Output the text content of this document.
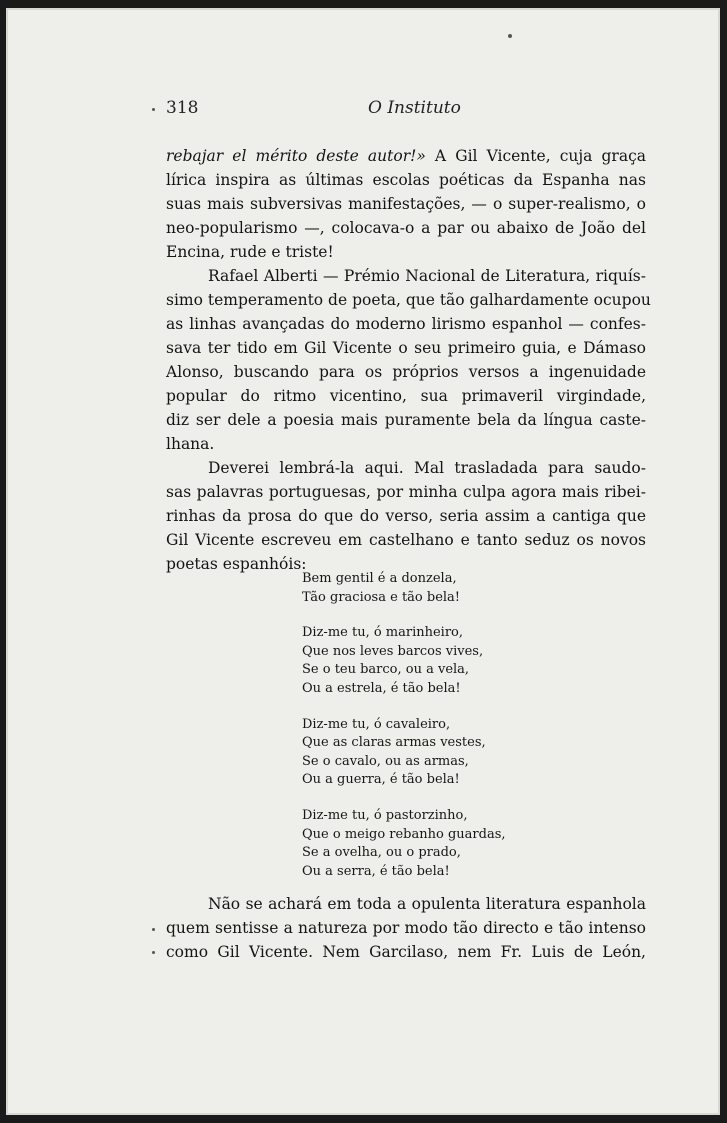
318	O Instituto
rebajar el mérito deste autor!» A Gil Vicente, cuja graça
lírica inspira as últimas escolas poéticas da Espanha nas
suas mais subversivas manifestações, — o super-realismo, o
neo-popularismo —, colocava-o a par ou abaixo de João del
Encina, rude e triste!
Rafael Alberti — Prémio Nacional de Literatura, riquís-
simo temperamento de poeta, que tão galhardamente ocupou
as linhas avançadas do moderno lirismo espanhol — confes-
sava ter tido em Gil Vicente o seu primeiro guia, e Dámaso
Alonso, buscando para os próprios versos a ingenuidade
popular do ritmo vicentino, sua primaveril virgindade,
diz ser dele a poesia mais puramente bela da língua caste-
lhana.
Deverei lembrá-la aqui. Mal trasladada para saudo-
sas palavras portuguesas, por minha culpa agora mais ribei-
rinhas da prosa do que do verso, seria assim a cantiga que
Gil Vicente escreveu em castelhano e tanto seduz os novos
poetas espanhóis:
Bem gentil é a donzela,
Tão graciosa e tão bela!
Diz-me tu, ó marinheiro,
Que nos leves barcos vives,
Se o teu barco, ou a vela,
Ou a estrela, é tão bela!
Diz-me tu, ó cavaleiro,
Que as claras armas vestes,
Se o cavalo, ou as armas,
Ou a guerra, é tão bela!
Diz-me tu, ó pastorzinho,
Que o meigo rebanho guardas,
Se a ovelha, ou o prado,
Ou a serra, é tão bela!
Não se achará em toda a opulenta literatura espanhola
quem sentisse a natureza por modo tão directo e tão intenso
como Gil Vicente. Nem Garcilaso, nem Fr. Luis de León,
